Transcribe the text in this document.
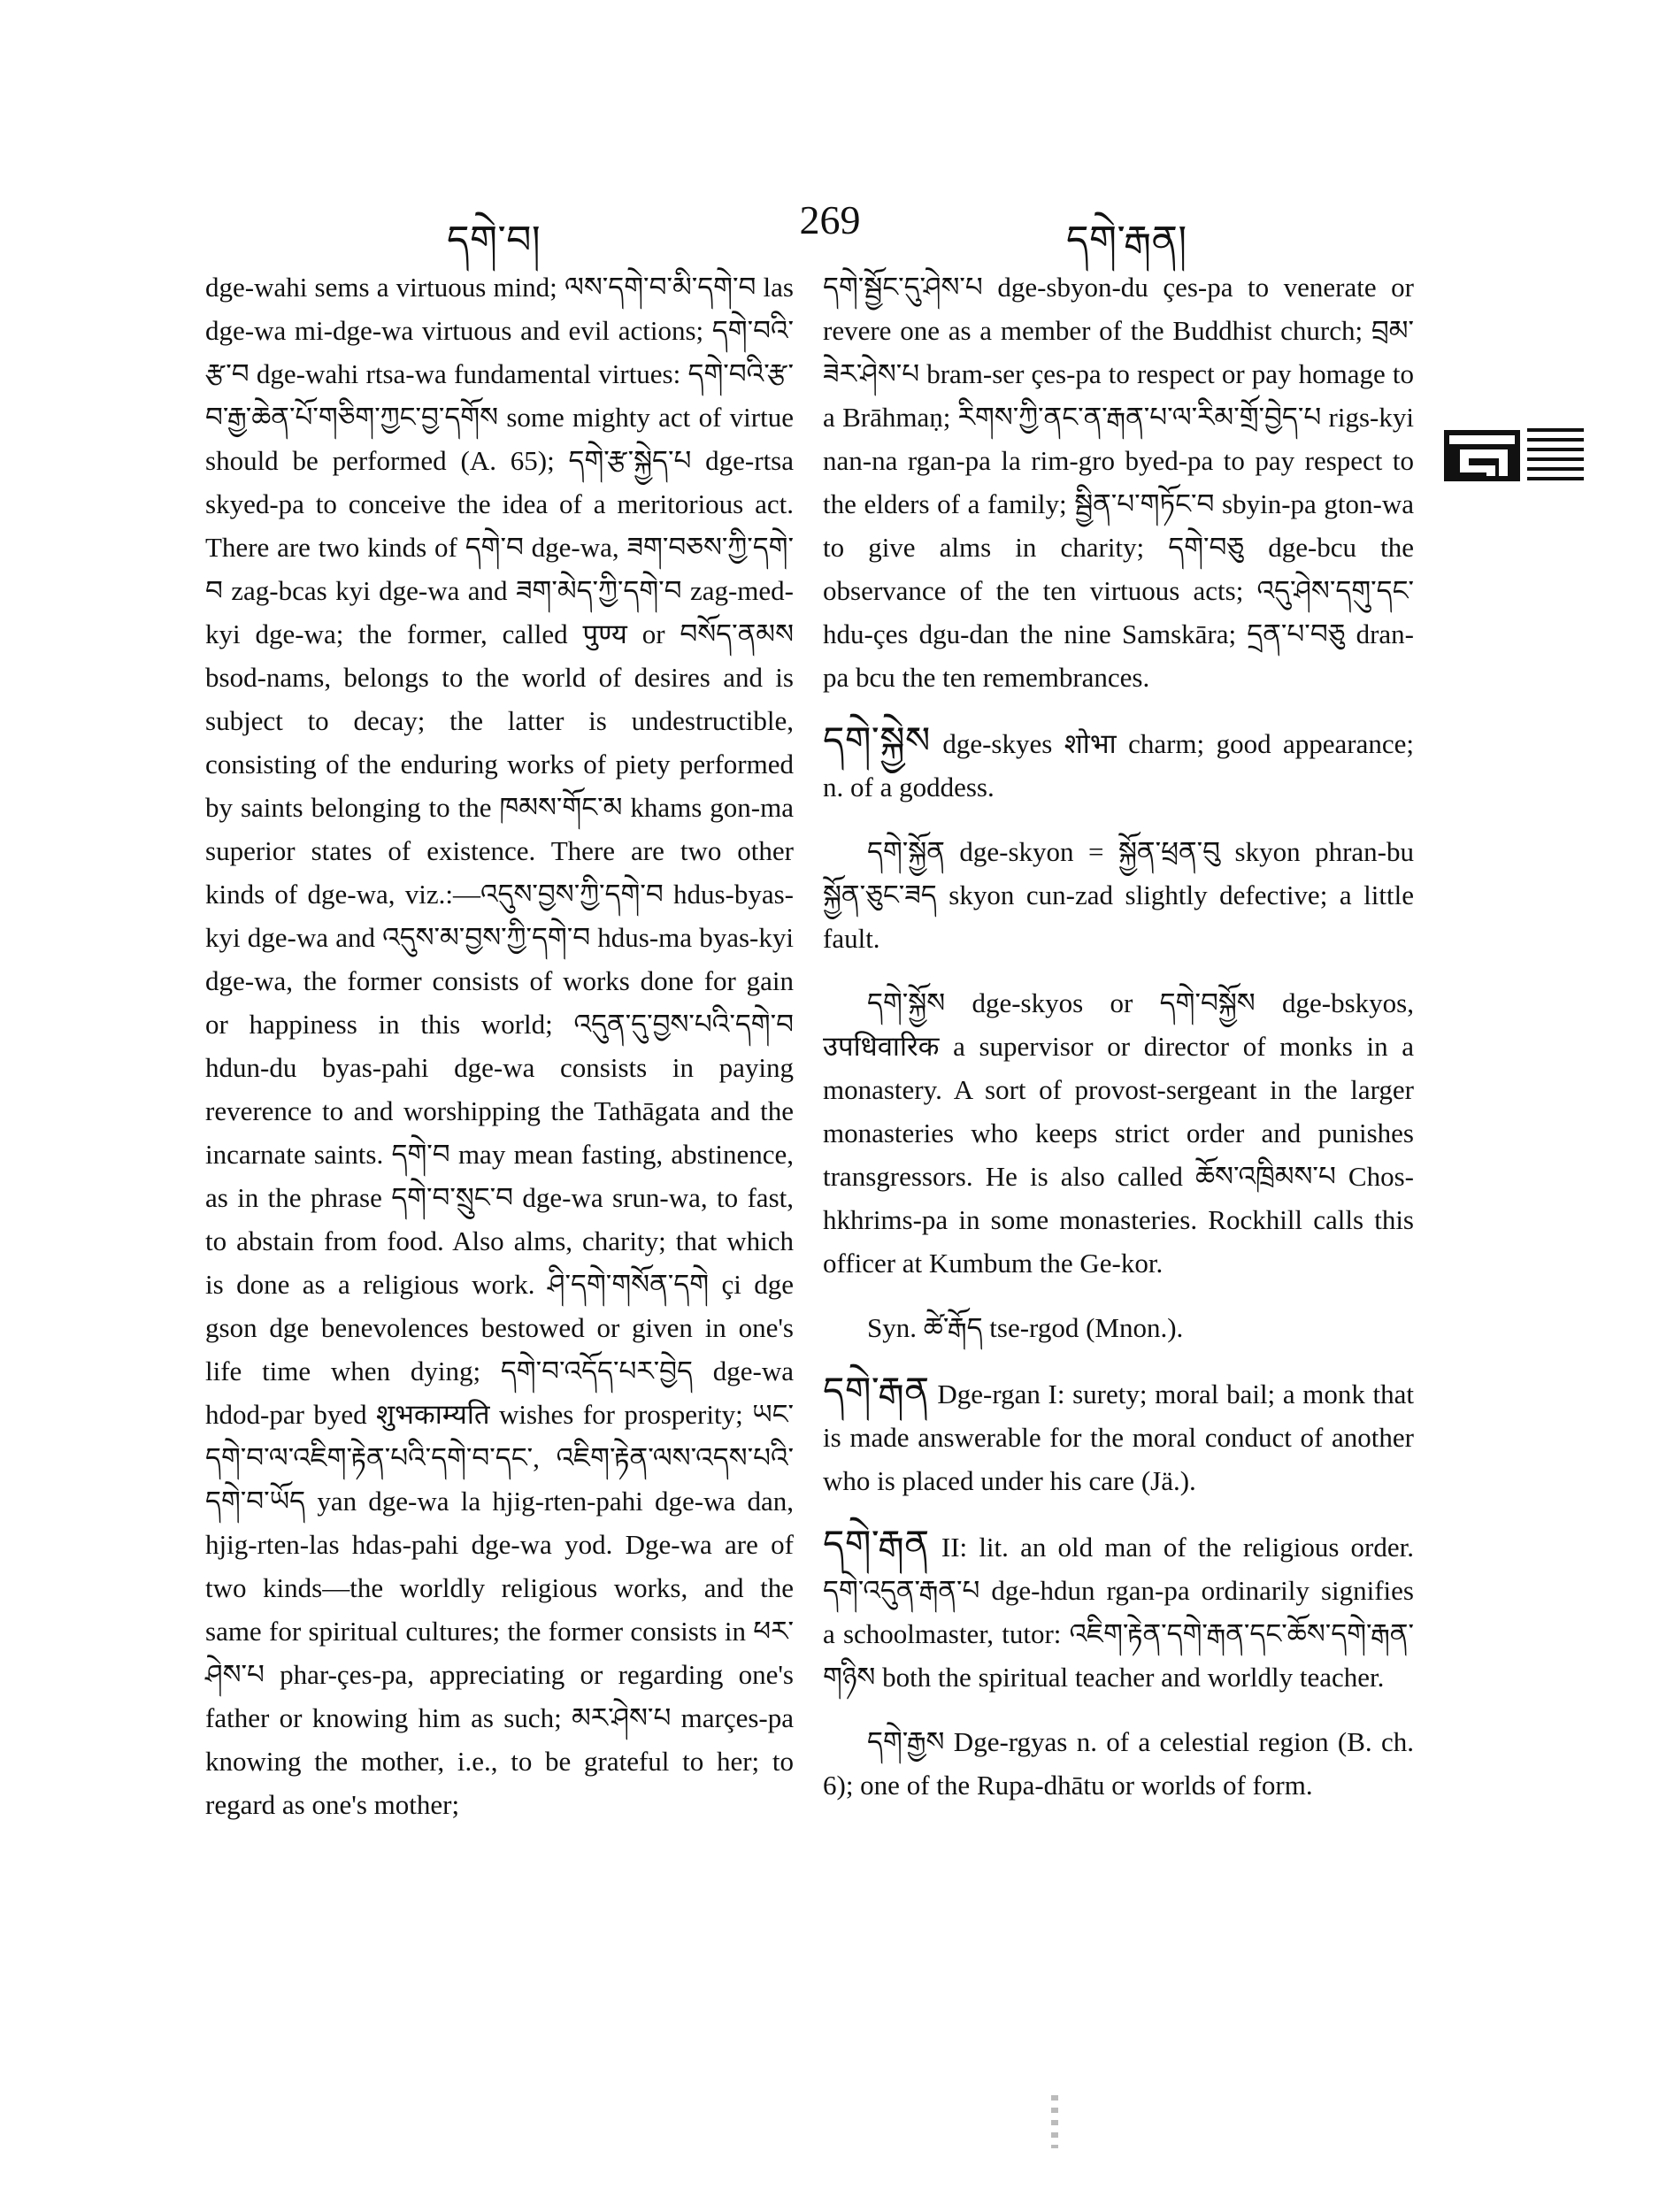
དགེ་བ།	269	དགེ་རྒན།

dge-wahi sems a virtuous mind; ལས་དགེ་བ་མི་དགེ་བ las dge-wa mi-dge-wa virtuous and evil actions; དགེ་བའི་རྩ་བ dge-wahi rtsa-wa fundamental virtues: དགེ་བའི་རྩ་བ་རྒྱ་ཆེན་པོ་གཅིག་ཀྱང་བྱ་དགོས some mighty act of virtue should be performed (A. 65); དགེ་རྩ་སྐྱེད་པ dge-rtsa skyed-pa to conceive the idea of a meritorious act. There are two kinds of དགེ་བ dge-wa, ཟག་བཅས་ཀྱི་དགེ་བ zag-bcas kyi dge-wa and ཟག་མེད་ཀྱི་དགེ་བ zag-med-kyi dge-wa; the former, called पुण्य or བསོད་ནམས bsod-nams, belongs to the world of desires and is subject to decay; the latter is undestructible, consisting of the enduring works of piety performed by saints belonging to the ཁམས་གོང་མ khams gon-ma superior states of existence. There are two other kinds of dge-wa, viz.:—འདུས་བྱས་ཀྱི་དགེ་བ hdus-byas-kyi dge-wa and འདུས་མ་བྱས་ཀྱི་དགེ་བ hdus-ma byas-kyi dge-wa, the former consists of works done for gain or happiness in this world; འདུན་དུ་བྱས་པའི་དགེ་བ hdun-du byas-pahi dge-wa consists in paying reverence to and worshipping the Tathāgata and the incarnate saints. དགེ་བ may mean fasting, abstinence, as in the phrase དགེ་བ་སྲུང་བ dge-wa srun-wa, to fast, to abstain from food. Also alms, charity; that which is done as a religious work. ཤི་དགེ་གསོན་དགེ çi dge gson dge benevolences bestowed or given in one's life time when dying; དགེ་བ་འདོད་པར་བྱེད dge-wa hdod-par byed शुभकाम्यति wishes for prosperity; ཡང་དགེ་བ་ལ་འཇིག་རྟེན་པའི་དགེ་བ་དང་, འཇིག་རྟེན་ལས་འདས་པའི་དགེ་བ་ཡོད yan dge-wa la hjig-rten-pahi dge-wa dan, hjig-rten-las hdas-pahi dge-wa yod. Dge-wa are of two kinds—the worldly religious works, and the same for spiritual cultures; the former consists in ཕར་ཤེས་པ phar-çes-pa, appreciating or regarding one's father or knowing him as such; མར་ཤེས་པ marçes-pa knowing the mother, i.e., to be grateful to her; to regard as one's mother;

དགེ་སྦྱོང་དུ་ཤེས་པ dge-sbyon-du çes-pa to venerate or revere one as a member of the Buddhist church; བྲམ་ཟེར་ཤེས་པ bram-ser çes-pa to respect or pay homage to a Brāhmaṇ; རིགས་ཀྱི་ནང་ན་རྒན་པ་ལ་རིམ་གྲོ་བྱེད་པ rigs-kyi nan-na rgan-pa la rim-gro byed-pa to pay respect to the elders of a family; སྦྱིན་པ་གཏོང་བ sbyin-pa gton-wa to give alms in charity; དགེ་བཅུ dge-bcu the observance of the ten virtuous acts; འདུ་ཤེས་དགུ་དང་ hdu-çes dgu-dan the nine Samskāra; དྲན་པ་བཅུ dran-pa bcu the ten remembrances.

དགེ་སྐྱེས dge-skyes शोभा charm; good appearance; n. of a goddess.

དགེ་སྐྱོན dge-skyon = སྐྱོན་ཕྲན་བུ skyon phran-bu སྐྱོན་ཅུང་ཟད skyon cun-zad slightly defective; a little fault.

དགེ་སྐྱོས dge-skyos or དགེ་བསྐྱོས dge-bskyos, उपधिवारिक a supervisor or director of monks in a monastery. A sort of provost-sergeant in the larger monasteries who keeps strict order and punishes transgressors. He is also called ཆོས་འཁྲིམས་པ Chos-hkhrims-pa in some monasteries. Rockhill calls this officer at Kumbum the Ge-kor.

Syn. ཚེ་རྒོད tse-rgod (Mnon.).

དགེ་རྒན Dge-rgan I: surety; moral bail; a monk that is made answerable for the moral conduct of another who is placed under his care (Jä.).

དགེ་རྒན II: lit. an old man of the religious order. དགེ་འདུན་རྒན་པ dge-hdun rgan-pa ordinarily signifies a schoolmaster, tutor: འཇིག་རྟེན་དགེ་རྒན་དང་ཆོས་དགེ་རྒན་གཉིས both the spiritual teacher and worldly teacher.

དགེ་རྒྱས Dge-rgyas n. of a celestial region (B. ch. 6); one of the Rupa-dhātu or worlds of form.
